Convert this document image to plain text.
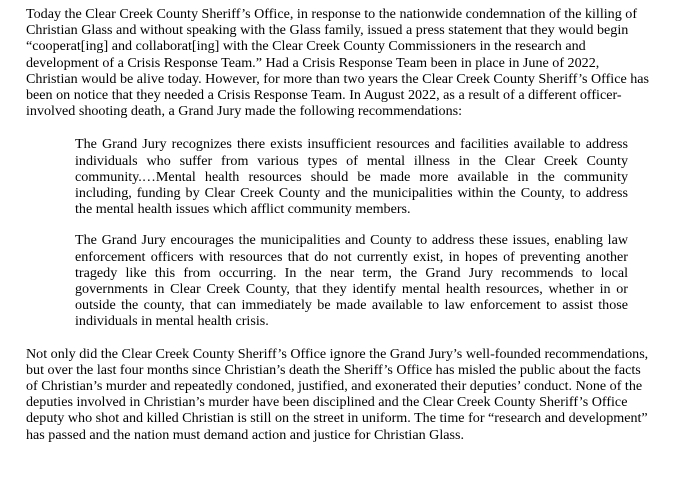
Today the Clear Creek County Sheriff’s Office, in response to the nationwide condemnation of the killing of Christian Glass and without speaking with the Glass family, issued a press statement that they would begin “cooperat[ing] and collaborat[ing] with the Clear Creek County Commissioners in the research and development of a Crisis Response Team.” Had a Crisis Response Team been in place in June of 2022, Christian would be alive today. However, for more than two years the Clear Creek County Sheriff’s Office has been on notice that they needed a Crisis Response Team. In August 2022, as a result of a different officer-involved shooting death, a Grand Jury made the following recommendations:

The Grand Jury recognizes there exists insufficient resources and facilities available to address individuals who suffer from various types of mental illness in the Clear Creek County community.…Mental health resources should be made more available in the community including, funding by Clear Creek County and the municipalities within the County, to address the mental health issues which afflict community members.

The Grand Jury encourages the municipalities and County to address these issues, enabling law enforcement officers with resources that do not currently exist, in hopes of preventing another tragedy like this from occurring. In the near term, the Grand Jury recommends to local governments in Clear Creek County, that they identify mental health resources, whether in or outside the county, that can immediately be made available to law enforcement to assist those individuals in mental health crisis.

Not only did the Clear Creek County Sheriff’s Office ignore the Grand Jury’s well-founded recommendations, but over the last four months since Christian’s death the Sheriff’s Office has misled the public about the facts of Christian’s murder and repeatedly condoned, justified, and exonerated their deputies’ conduct. None of the deputies involved in Christian’s murder have been disciplined and the Clear Creek County Sheriff’s Office deputy who shot and killed Christian is still on the street in uniform. The time for “research and development” has passed and the nation must demand action and justice for Christian Glass.
